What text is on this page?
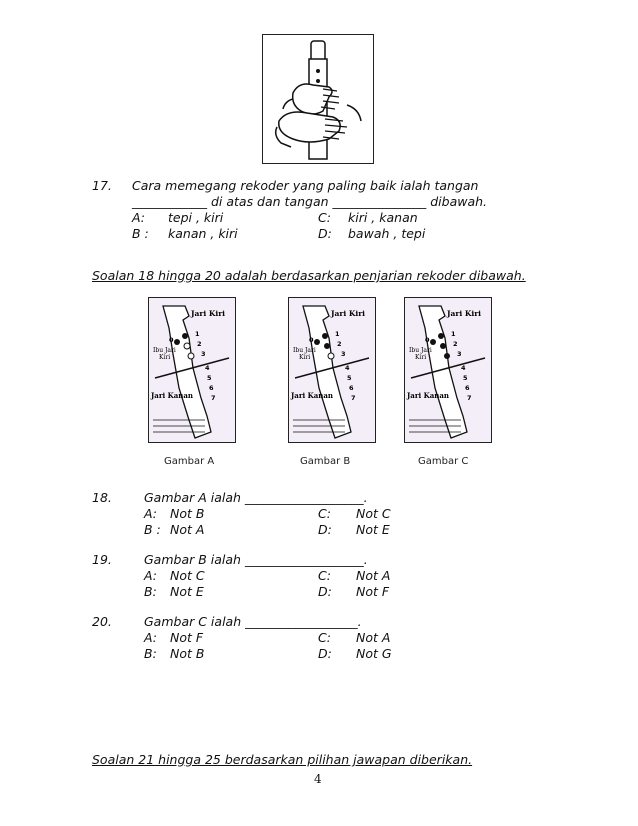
17. Cara memegang rekoder yang paling baik ialah tangan
____________ di atas dan tangan _______________ dibawah.
A: tepi , kiri	C: kiri , kanan
B : kanan , kiri	D: bawah , tepi
Soalan 18 hingga 20 adalah berdasarkan penjarian rekoder dibawah.
Jari Kiri
Ibu Jari
Kiri
Jari Kanan
0
1
2
3
4
5
6
7
Jari Kiri
Ibu Jari
Kiri
Jari Kanan
0
1
2
3
4
5
6
7
Jari Kiri
Ibu Jari
Kiri
Jari Kanan
0
1
2
3
4
5
6
7
Gambar A	Gambar B	Gambar C
18.	Gambar A ialah ___________________.
A: Not B	C: Not C
B : Not A	D: Not E
19.	Gambar B ialah ___________________.
A: Not C	C: Not A
B: Not E	D: Not F
20.	Gambar C ialah __________________.
A: Not F	C: Not A
B: Not B	D: Not G
Soalan 21 hingga 25 berdasarkan pilihan jawapan diberikan.
4
